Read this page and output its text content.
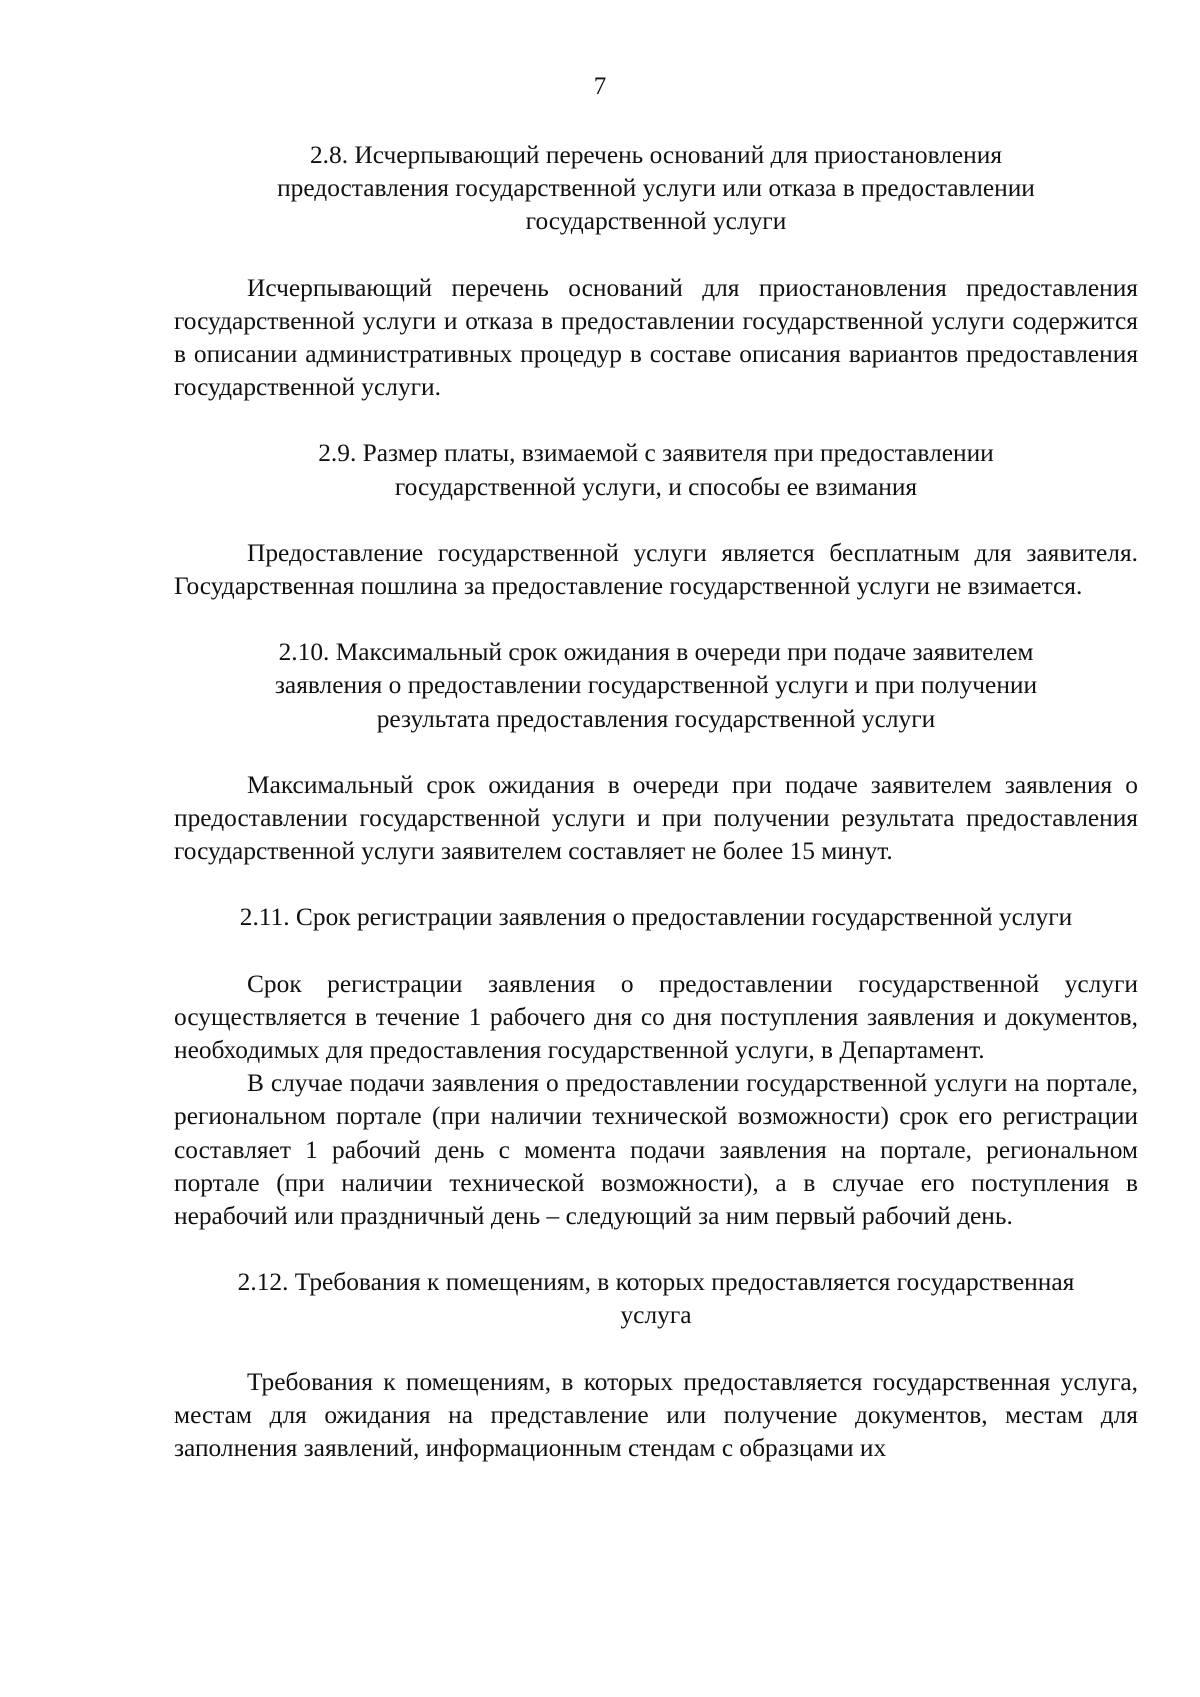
7
2.8. Исчерпывающий перечень оснований для приостановления
предоставления государственной услуги или отказа в предоставлении
государственной услуги

Исчерпывающий перечень оснований для приостановления предоставления государственной услуги и отказа в предоставлении государственной услуги содержится в описании административных процедур в составе описания вариантов предоставления государственной услуги.

2.9. Размер платы, взимаемой с заявителя при предоставлении
государственной услуги, и способы ее взимания

Предоставление государственной услуги является бесплатным для заявителя. Государственная пошлина за предоставление государственной услуги не взимается.

2.10. Максимальный срок ожидания в очереди при подаче заявителем
заявления о предоставлении государственной услуги и при получении
результата предоставления государственной услуги

Максимальный срок ожидания в очереди при подаче заявителем заявления о предоставлении государственной услуги и при получении результата предоставления государственной услуги заявителем составляет не более 15 минут.

2.11. Срок регистрации заявления о предоставлении государственной услуги

Срок регистрации заявления о предоставлении государственной услуги осуществляется в течение 1 рабочего дня со дня поступления заявления и документов, необходимых для предоставления государственной услуги, в Департамент.

В случае подачи заявления о предоставлении государственной услуги на портале, региональном портале (при наличии технической возможности) срок его регистрации составляет 1 рабочий день с момента подачи заявления на портале, региональном портале (при наличии технической возможности), а в случае его поступления в нерабочий или праздничный день – следующий за ним первый рабочий день.

2.12. Требования к помещениям, в которых предоставляется государственная
услуга

Требования к помещениям, в которых предоставляется государственная услуга, местам для ожидания на представление или получение документов, местам для заполнения заявлений, информационным стендам с образцами их
